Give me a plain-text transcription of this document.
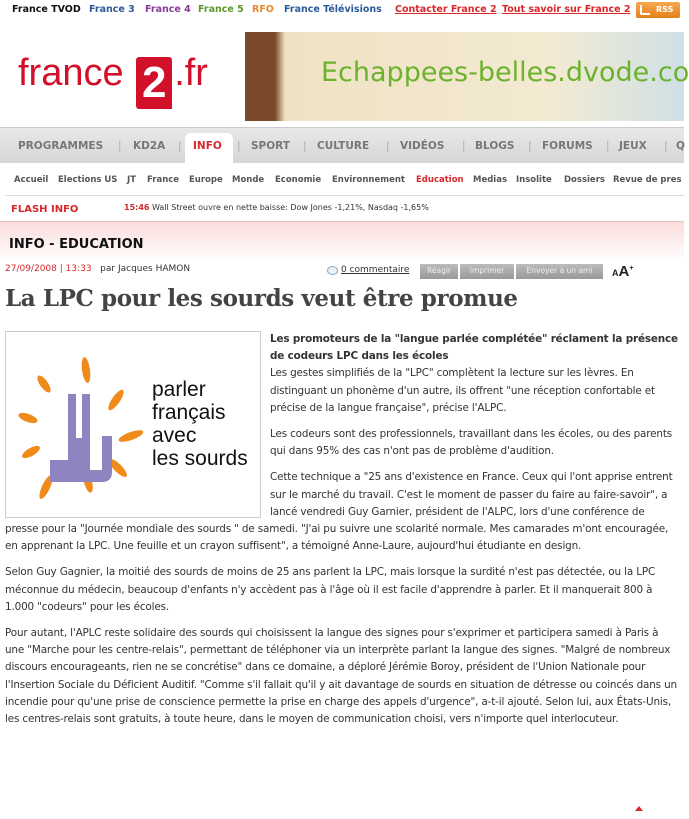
France TVOD France 3 France 4 France 5 RFO France Télévisions Contacter France 2 Tout savoir sur France 2	RSS
france 2 .fr	Echappees-belles.dvode.co
PROGRAMMES | KD2A | INFO | SPORT | CULTURE | VIDÉOS | BLOGS | FORUMS | JEUX | Q
Accueil Elections US JT France Europe Monde Economie Environnement Education Medias Insolite Dossiers Revue de pres
FLASH INFO	15:46 Wall Street ouvre en nette baisse: Dow Jones -1,21%, Nasdaq -1,65%
INFO - EDUCATION
27/09/2008 | 13:33 par Jacques HAMON	0 commentaire	Réagir	Imprimer	Envoyer à un ami	AA+
La LPC pour les sourds veut être promue
parler
français
avec
les sourds
Les promoteurs de la "langue parlée complétée" réclament la présence de codeurs LPC dans les écoles

Les gestes simplifiés de la "LPC" complètent la lecture sur les lèvres. En distinguant un phonème d'un autre, ils offrent "une réception confortable et précise de la langue française", précise l'ALPC.

Les codeurs sont des professionnels, travaillant dans les écoles, ou des parents qui dans 95% des cas n'ont pas de problème d'audition.

Cette technique a "25 ans d'existence en France. Ceux qui l'ont apprise entrent sur le marché du travail. C'est le moment de passer du faire au faire-savoir", a lancé vendredi Guy Garnier, président de l'ALPC, lors d'une conférence de presse pour la "Journée mondiale des sourds " de samedi. "J'ai pu suivre une scolarité normale. Mes camarades m'ont encouragée, en apprenant la LPC. Une feuille et un crayon suffisent", a témoigné Anne-Laure, aujourd'hui étudiante en design.

Selon Guy Gagnier, la moitié des sourds de moins de 25 ans parlent la LPC, mais lorsque la surdité n'est pas détectée, ou la LPC méconnue du médecin, beaucoup d'enfants n'y accèdent pas à l'âge où il est facile d'apprendre à parler. Et il manquerait 800 à 1.000 "codeurs" pour les écoles.

Pour autant, l'APLC reste solidaire des sourds qui choisissent la langue des signes pour s'exprimer et participera samedi à Paris à une "Marche pour les centre-relais", permettant de téléphoner via un interprète parlant la langue des signes. "Malgré de nombreux discours encourageants, rien ne se concrétise" dans ce domaine, a déploré Jérémie Boroy, président de l'Union Nationale pour l'Insertion Sociale du Déficient Auditif. "Comme s'il fallait qu'il y ait davantage de sourds en situation de détresse ou coincés dans un incendie pour qu'une prise de conscience permette la prise en charge des appels d'urgence", a-t-il ajouté. Selon lui, aux États-Unis, les centres-relais sont gratuits, à toute heure, dans le moyen de communication choisi, vers n'importe quel interlocuteur.
